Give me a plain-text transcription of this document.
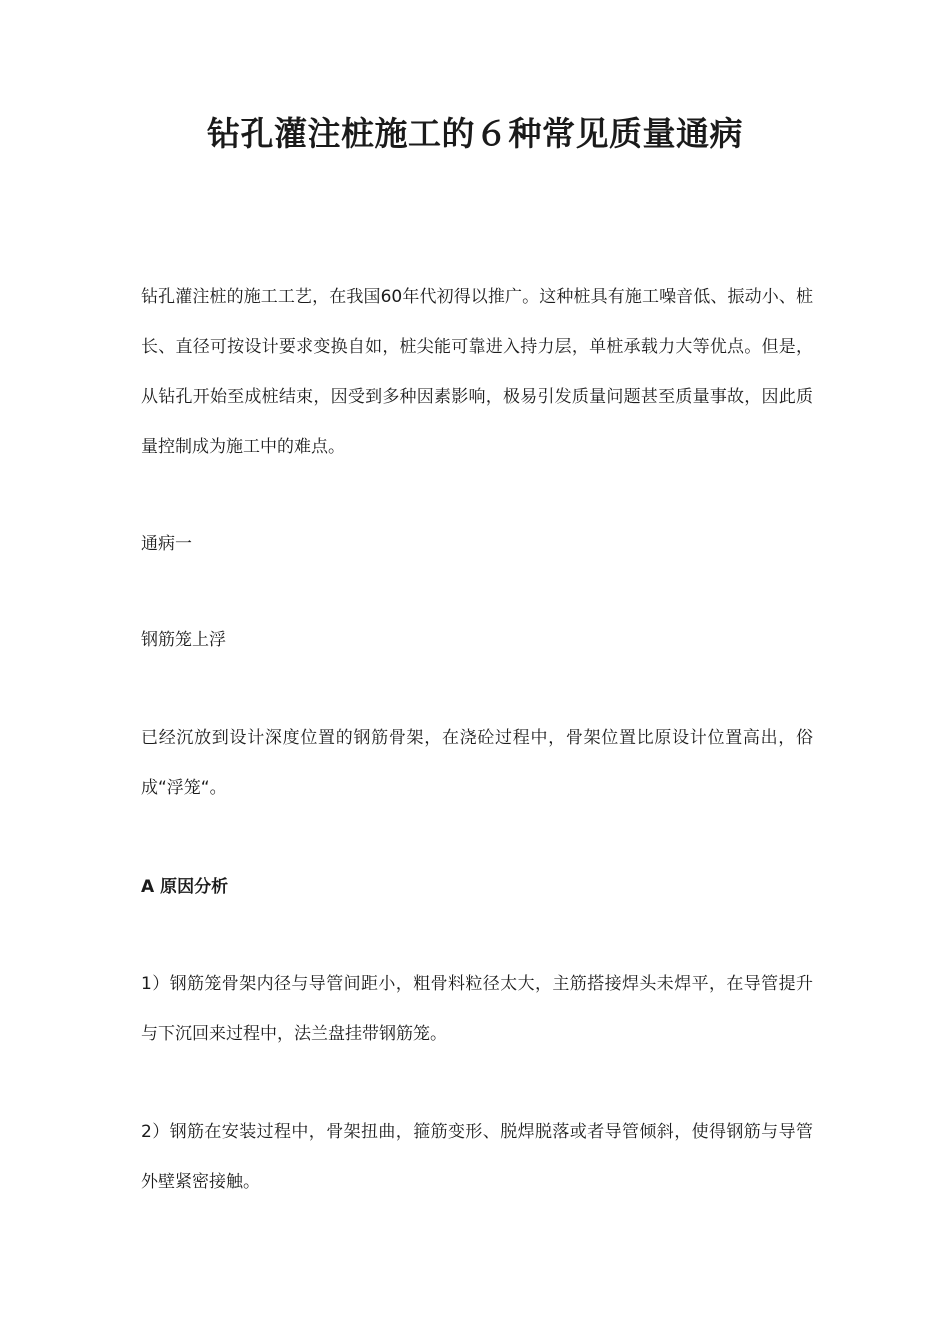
钻孔灌注桩施工的６种常见质量通病

钻孔灌注桩的施工工艺，在我国60年代初得以推广。这种桩具有施工噪音低、振动小、桩长、直径可按设计要求变换自如，桩尖能可靠进入持力层，单桩承载力大等优点。但是，从钻孔开始至成桩结束，因受到多种因素影响，极易引发质量问题甚至质量事故，因此质量控制成为施工中的难点。

通病一

钢筋笼上浮

已经沉放到设计深度位置的钢筋骨架，在浇砼过程中，骨架位置比原设计位置高出，俗成“浮笼“。

A 原因分析

1）钢筋笼骨架内径与导管间距小，粗骨料粒径太大，主筋搭接焊头未焊平，在导管提升与下沉回来过程中，法兰盘挂带钢筋笼。

2）钢筋在安装过程中，骨架扭曲，箍筋变形、脱焊脱落或者导管倾斜，使得钢筋与导管外壁紧密接触。
